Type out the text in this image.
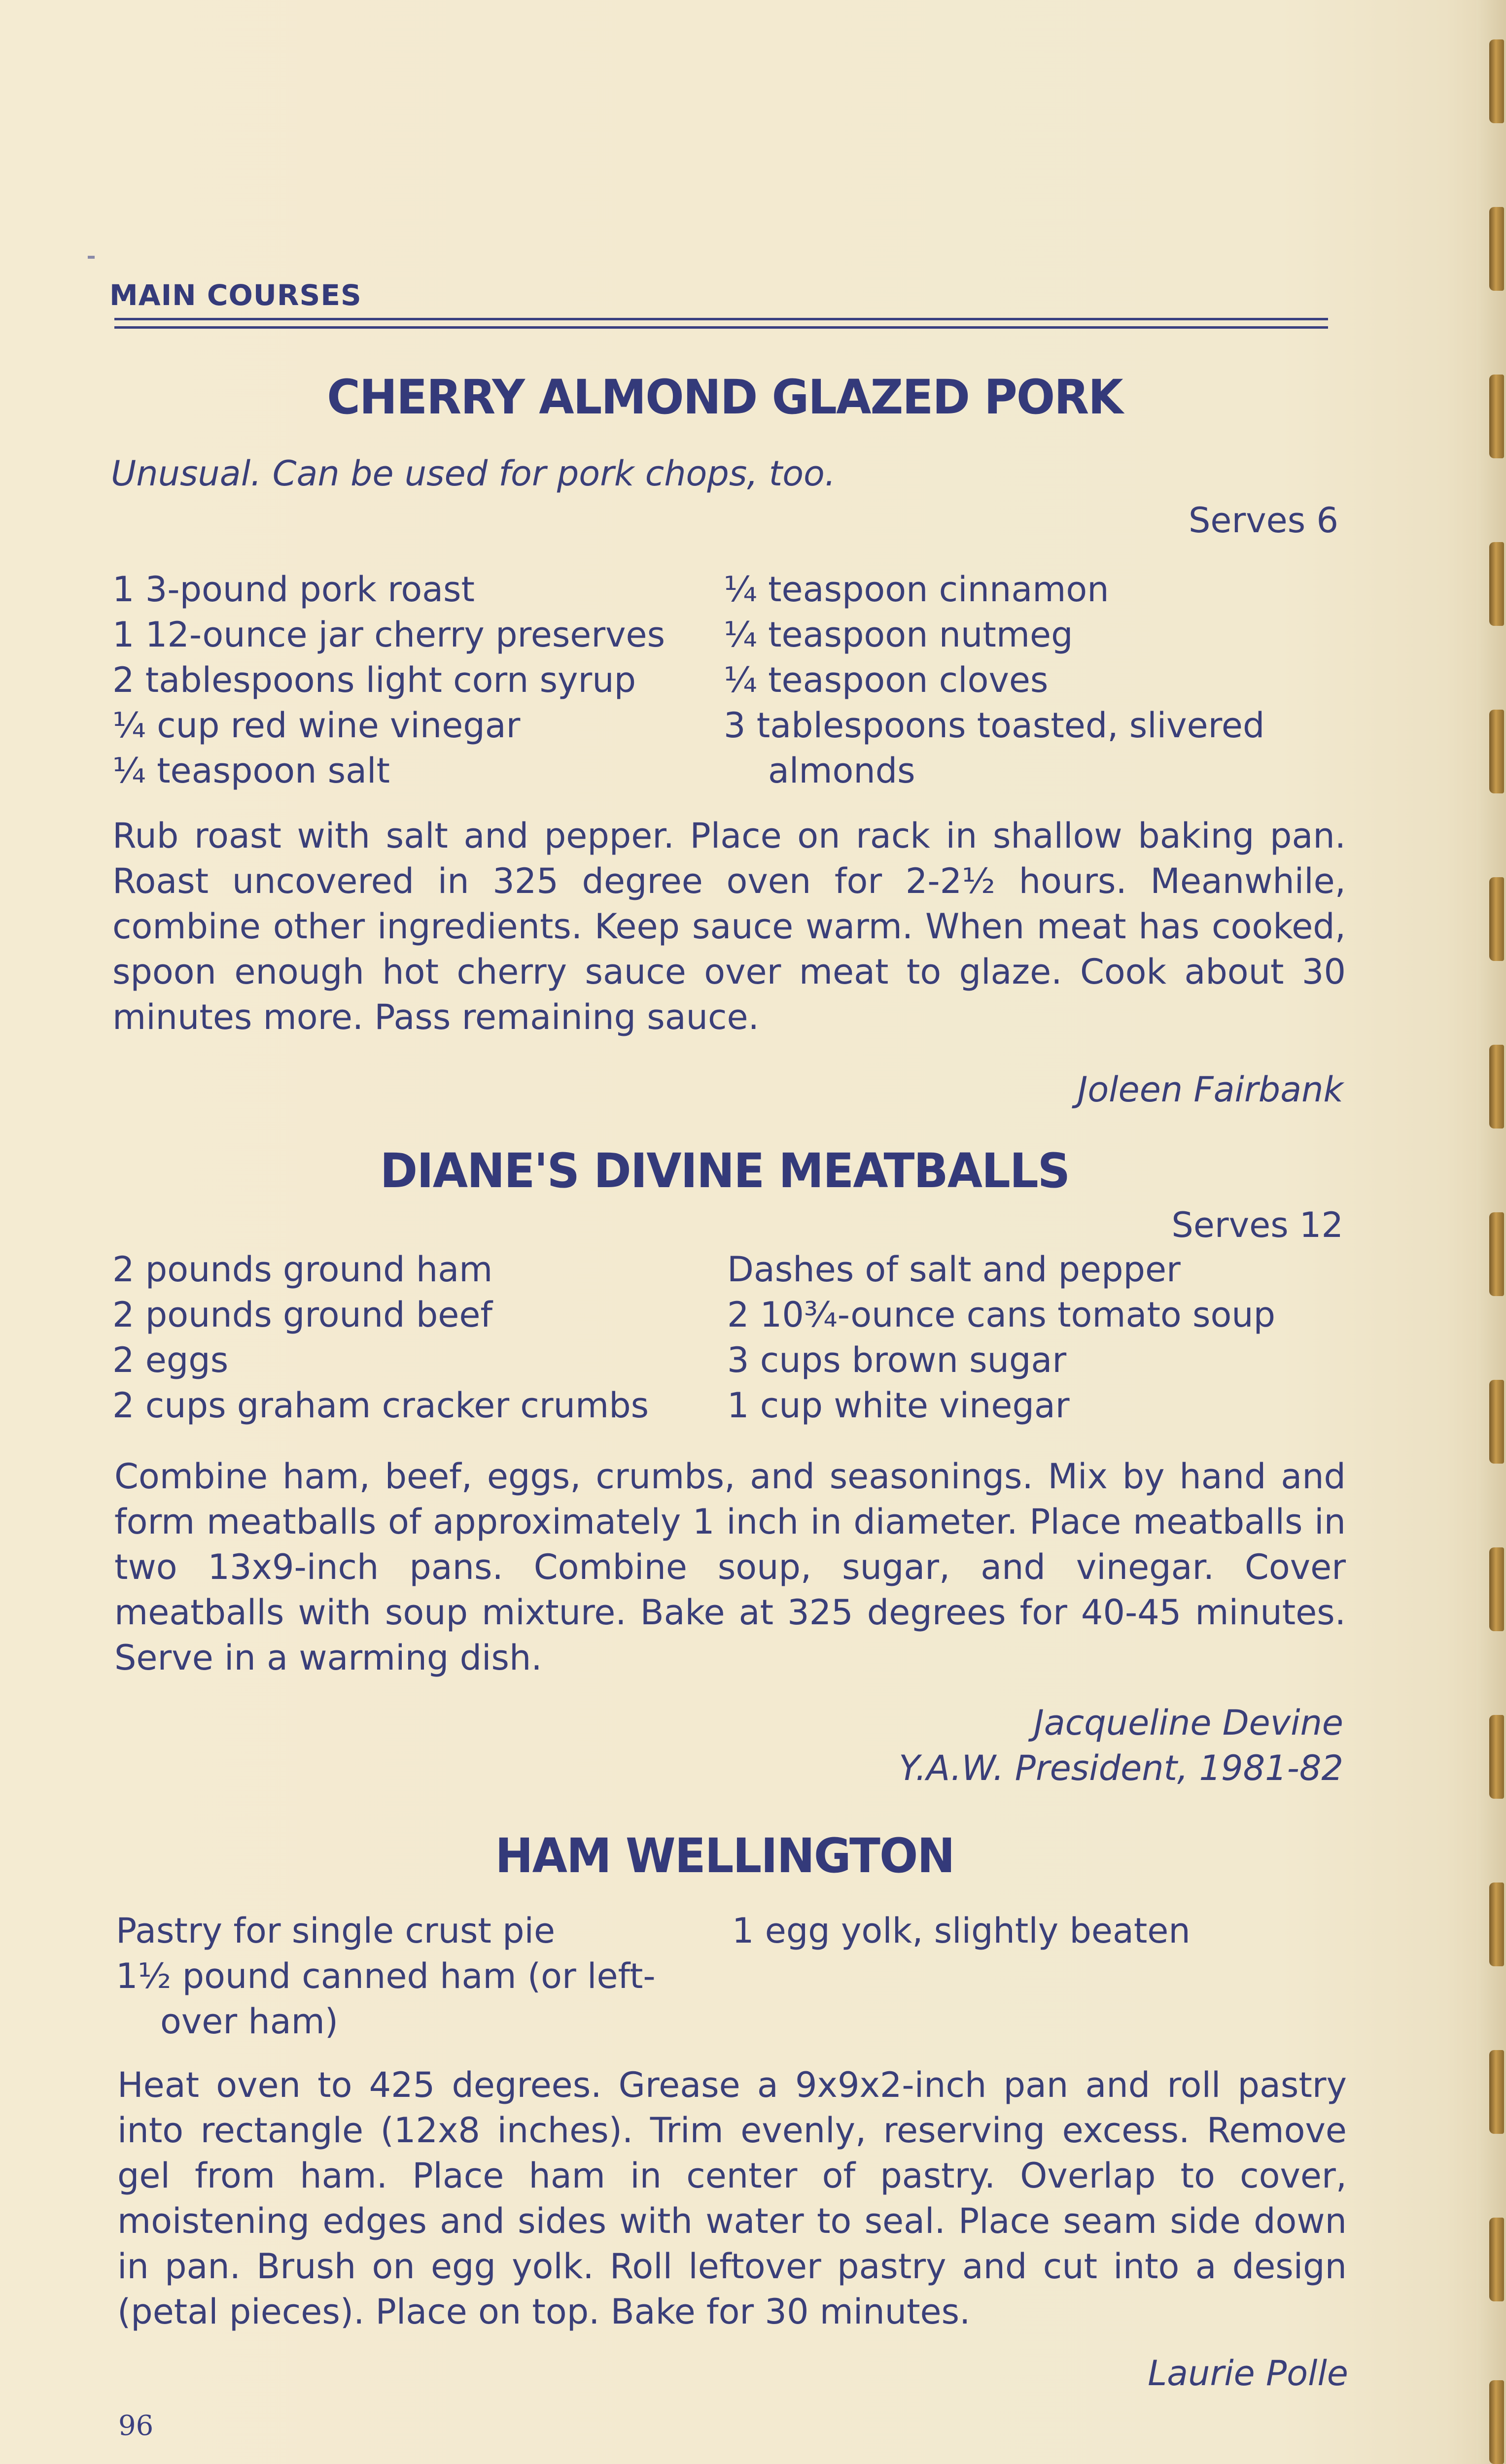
MAIN COURSES
CHERRY ALMOND GLAZED PORK
Unusual. Can be used for pork chops, too.
Serves 6
1 3-pound pork roast
1 12-ounce jar cherry preserves
2 tablespoons light corn syrup
¼ cup red wine vinegar
¼ teaspoon salt
¼ teaspoon cinnamon
¼ teaspoon nutmeg
¼ teaspoon cloves
3 tablespoons toasted, slivered
almonds
Rub roast with salt and pepper. Place on rack in shallow baking pan. Roast uncovered in 325 degree oven for 2-2½ hours. Meanwhile, combine other ingredients. Keep sauce warm. When meat has cooked, spoon enough hot cherry sauce over meat to glaze. Cook about 30 minutes more. Pass remaining sauce.
Joleen Fairbank
DIANE'S DIVINE MEATBALLS
Serves 12
2 pounds ground ham
2 pounds ground beef
2 eggs
2 cups graham cracker crumbs
Dashes of salt and pepper
2 10¾-ounce cans tomato soup
3 cups brown sugar
1 cup white vinegar
Combine ham, beef, eggs, crumbs, and seasonings. Mix by hand and form meatballs of approximately 1 inch in diameter. Place meatballs in two 13x9-inch pans. Combine soup, sugar, and vinegar. Cover meatballs with soup mixture. Bake at 325 degrees for 40-45 minutes. Serve in a warming dish.
Jacqueline Devine
Y.A.W. President, 1981-82
HAM WELLINGTON
Pastry for single crust pie
1½ pound canned ham (or left-
over ham)
1 egg yolk, slightly beaten
Heat oven to 425 degrees. Grease a 9x9x2-inch pan and roll pastry into rectangle (12x8 inches). Trim evenly, reserving excess. Remove gel from ham. Place ham in center of pastry. Overlap to cover, moistening edges and sides with water to seal. Place seam side down in pan. Brush on egg yolk. Roll leftover pastry and cut into a design (petal pieces). Place on top. Bake for 30 minutes.
Laurie Polle
96
